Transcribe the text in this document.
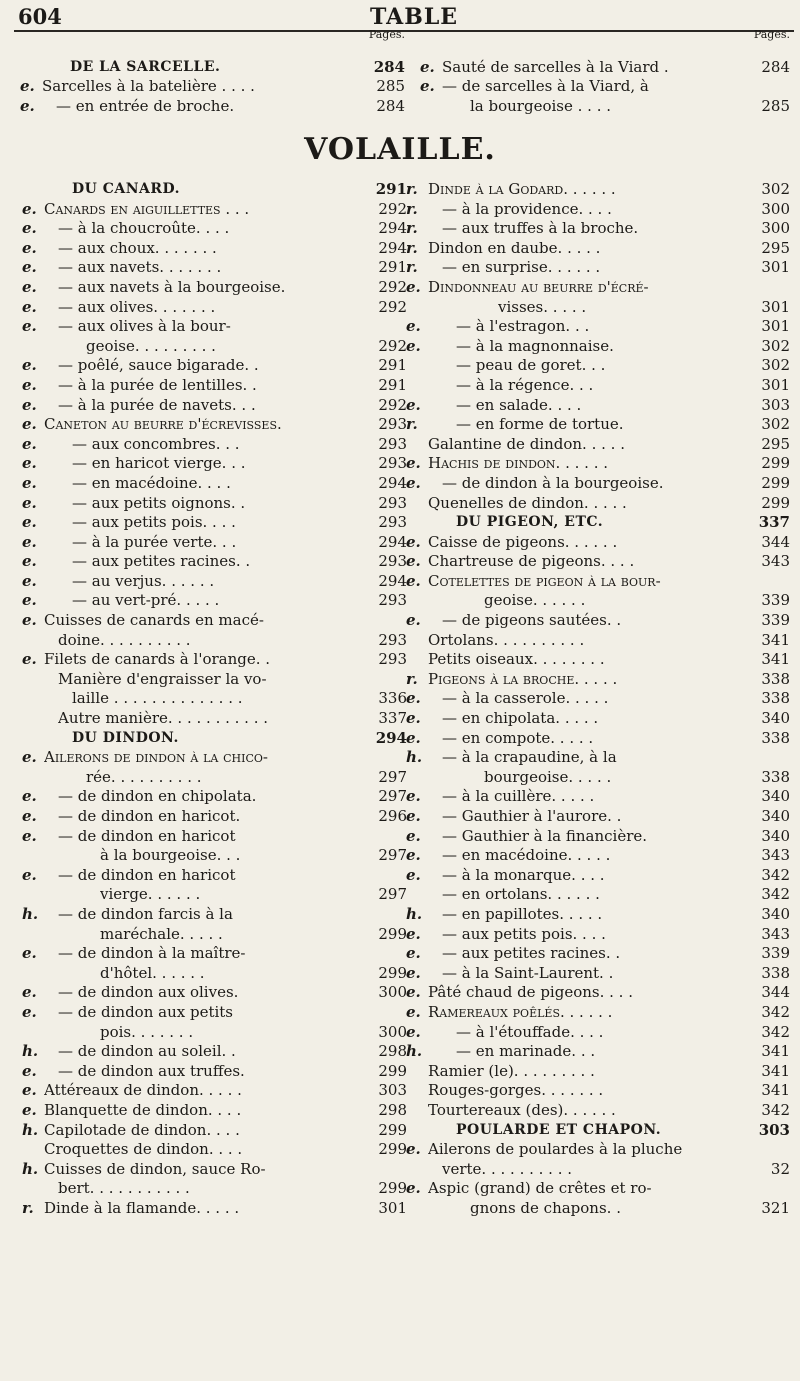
604	TABLE
Pages.
DE LA SARCELLE.	284
e. Sarcelles à la batelière . . . .	285
e.	— en entrée de broche.	284
Pages.
e. Sauté de sarcelles à la Viard .	284
e. — de sarcelles à la Viard, à
la bourgeoise . . . .	285
VOLAILLE.
DU CANARD.	291
e. Canards en aiguillettes . . .	292
e.	— à la choucroûte. . . .	294
e.	— aux choux. . . . . . .	294
e.	— aux navets. . . . . . .	291
e.	— aux navets à la bourgeoise.	292
e.	— aux olives. . . . . . .	292
e.	— aux olives à la bour-
geoise. . . . . . . . .	292
e.	— poêlé, sauce bigarade. .	291
e.	— à la purée de lentilles. .	291
e.	— à la purée de navets. . .	292
e. Caneton au beurre d'écrevisses.	293
e.	— aux concombres. . .	293
e.	— en haricot vierge. . .	293
e.	— en macédoine. . . .	294
e.	— aux petits oignons. .	293
e.	— aux petits pois. . . .	293
e.	— à la purée verte. . .	294
e.	— aux petites racines. .	293
e.	— au verjus. . . . . .	294
e.	— au vert-pré. . . . .	293
e. Cuisses de canards en macé-
doine. . . . . . . . . .	293
e. Filets de canards à l'orange. .	293
Manière d'engraisser la vo-
laille . . . . . . . . . . . . . .	336
Autre manière. . . . . . . . . . .	337
DU DINDON.	294
e. Ailerons de dindon à la chico-
rée. . . . . . . . . .	297
e.	— de dindon en chipolata.	297
e.	— de dindon en haricot.	296
e.	— de dindon en haricot
à la bourgeoise. . .	297
e.	— de dindon en haricot
vierge. . . . . .	297
h. — de dindon farcis à la
maréchale. . . . .	299
e.	— de dindon à la maître-
d'hôtel. . . . . .	299
e.	— de dindon aux olives.	300
e.	— de dindon aux petits
pois. . . . . . .	300
h. — de dindon au soleil. .	298
e.	— de dindon aux truffes.	299
e. Attéreaux de dindon. . . . .	303
e. Blanquette de dindon. . . .	298
h. Capilotade de dindon. . . .	299
Croquettes de dindon. . . .	299
h. Cuisses de dindon, sauce Ro-
bert. . . . . . . . . . .	299
r. Dinde à la flamande. . . . .	301
r. Dinde à la Godard. . . . . .	302
r.	— à la providence. . . .	300
r.	— aux truffes à la broche.	300
r. Dindon en daube. . . . .	295
r.	— en surprise. . . . . .	301
e. Dindonneau au beurre d'écré-
visses. . . . .	301
e.	— à l'estragon. . .	301
e.	— à la magnonnaise.	302
— peau de goret. . .	302
— à la régence. . .	301
e.	— en salade. . . .	303
r.	— en forme de tortue.	302
Galantine de dindon. . . . .	295
e. Hachis de dindon. . . . . .	299
e.	— de dindon à la bourgeoise.	299
Quenelles de dindon. . . . .	299
DU PIGEON, ETC.	337
e. Caisse de pigeons. . . . . .	344
e. Chartreuse de pigeons. . . .	343
e. Cotelettes de pigeon à la bour-
geoise. . . . . .	339
e.	— de pigeons sautées. .	339
Ortolans. . . . . . . . . .	341
Petits oiseaux. . . . . . . .	341
r. Pigeons à la broche. . . . .	338
e.	— à la casserole. . . . .	338
e.	— en chipolata. . . . .	340
e.	— en compote. . . . .	338
h. — à la crapaudine, à la
bourgeoise. . . . .	338
e.	— à la cuillère. . . . .	340
e.	— Gauthier à l'aurore. .	340
e.	— Gauthier à la financière.	340
e.	— en macédoine. . . . .	343
e.	— à la monarque. . . .	342
— en ortolans. . . . . .	342
h. — en papillotes. . . . .	340
e.	— aux petits pois. . . .	343
e.	— aux petites racines. .	339
e.	— à la Saint-Laurent. .	338
e. Pâté chaud de pigeons. . . .	344
e. Ramereaux poêlés. . . . . .	342
e.	— à l'étouffade. . . .	342
h. — en marinade. . .	341
Ramier (le). . . . . . . . .	341
Rouges-gorges. . . . . . .	341
Tourtereaux (des). . . . . .	342
POULARDE ET CHAPON.	303
e. Ailerons de poulardes à la pluche
verte. . . . . . . . . .	32
e. Aspic (grand) de crêtes et ro-
gnons de chapons. .	321
